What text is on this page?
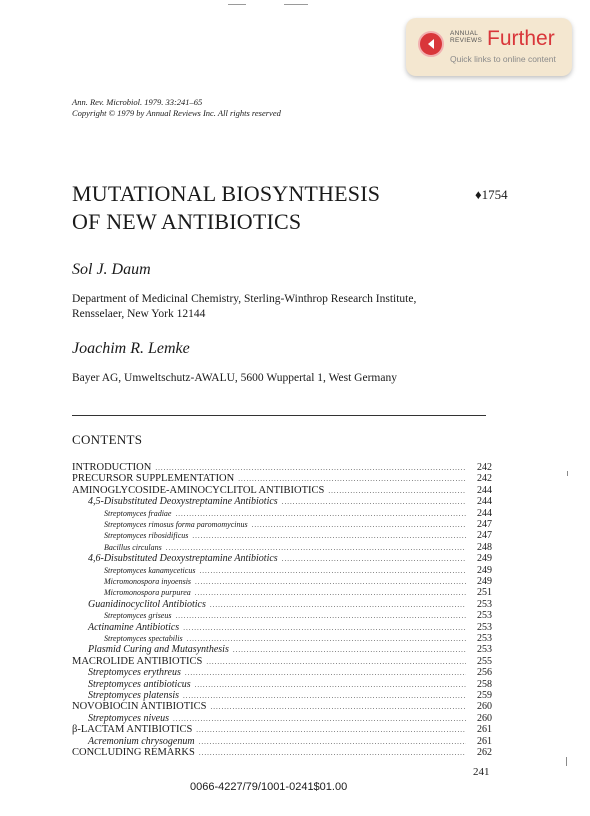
ANNUAL
REVIEWS Further
Quick links to online content
Ann. Rev. Microbiol. 1979. 33:241–65
Copyright © 1979 by Annual Reviews Inc. All rights reserved
MUTATIONAL BIOSYNTHESIS
OF NEW ANTIBIOTICS
♦1754
Sol J. Daum
Department of Medicinal Chemistry, Sterling-Winthrop Research Institute,
Rensselaer, New York 12144
Joachim R. Lemke
Bayer AG, Umweltschutz-AWALU, 5600 Wuppertal 1, West Germany
CONTENTS
INTRODUCTION .....	242
PRECURSOR SUPPLEMENTATION .....	242
AMINOGLYCOSIDE-AMINOCYCLITOL ANTIBIOTICS .....	244
4,5-Disubstituted Deoxystreptamine Antibiotics .....	244
Streptomyces fradiae .....	244
Streptomyces rimosus forma paromomycinus .....	247
Streptomyces ribosidificus .....	247
Bacillus circulans .....	248
4,6-Disubstituted Deoxystreptamine Antibiotics .....	249
Streptomyces kanamyceticus .....	249
Micromonospora inyoensis .....	249
Micromonospora purpurea .....	251
Guanidinocyclitol Antibiotics .....	253
Streptomyces griseus .....	253
Actinamine Antibiotics .....	253
Streptomyces spectabilis .....	253
Plasmid Curing and Mutasynthesis .....	253
MACROLIDE ANTIBIOTICS .....	255
Streptomyces erythreus .....	256
Streptomyces antibioticus .....	258
Streptomyces platensis .....	259
NOVOBIOCIN ANTIBIOTICS .....	260
Streptomyces niveus .....	260
β-LACTAM ANTIBIOTICS .....	261
Acremonium chrysogenum .....	261
CONCLUDING REMARKS .....	262
241
0066-4227/79/1001-0241$01.00
